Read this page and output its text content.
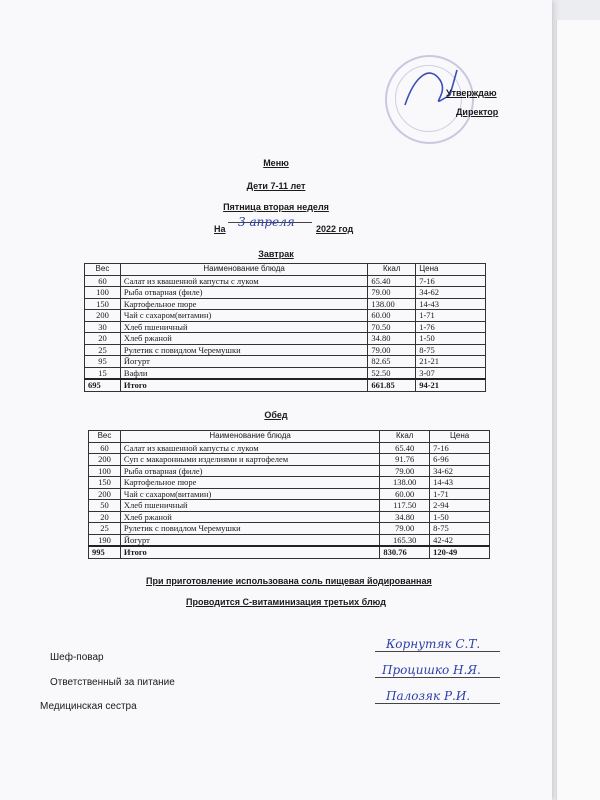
Утверждаю
Директор
Меню
Дети 7-11 лет
Пятница вторая неделя
На 3 апреля 2022 год
Завтрак
Вес	Наименование блюда	Ккал	Цена
60	Салат из квашенной капусты с луком	65.40	7-16
100	Рыба отварная (филе)	79.00	34-62
150	Картофельное пюре	138.00	14-43
200	Чай с сахаром(витамин)	60.00	1-71
30	Хлеб пшеничный	70.50	1-76
20	Хлеб ржаной	34.80	1-50
25	Рулетик с повидлом Черемушки	79.00	8-75
95	Йогурт	82.65	21-21
15	Вафли	52.50	3-07
695	Итого	661.85	94-21
Обед
Вес	Наименование блюда	Ккал	Цена
60	Салат из квашенной капусты с луком	65.40	7-16
200	Суп с макаронными изделиями и картофелем	91.76	6-96
100	Рыба отварная (филе)	79.00	34-62
150	Картофельное пюре	138.00	14-43
200	Чай с сахаром(витамин)	60.00	1-71
50	Хлеб пшеничный	117.50	2-94
20	Хлеб ржаной	34.80	1-50
25	Рулетик с повидлом Черемушки	79.00	8-75
190	Йогурт	165.30	42-42
995	Итого	830.76	120-49
При приготовление использована соль пищевая йодированная
Проводится С-витаминизация третьих блюд
Шеф-повар
Ответственный за питание
Медицинская сестра
Корнутяк С.Т.
Процишко Н.Я.
Палозяк Р.И.
